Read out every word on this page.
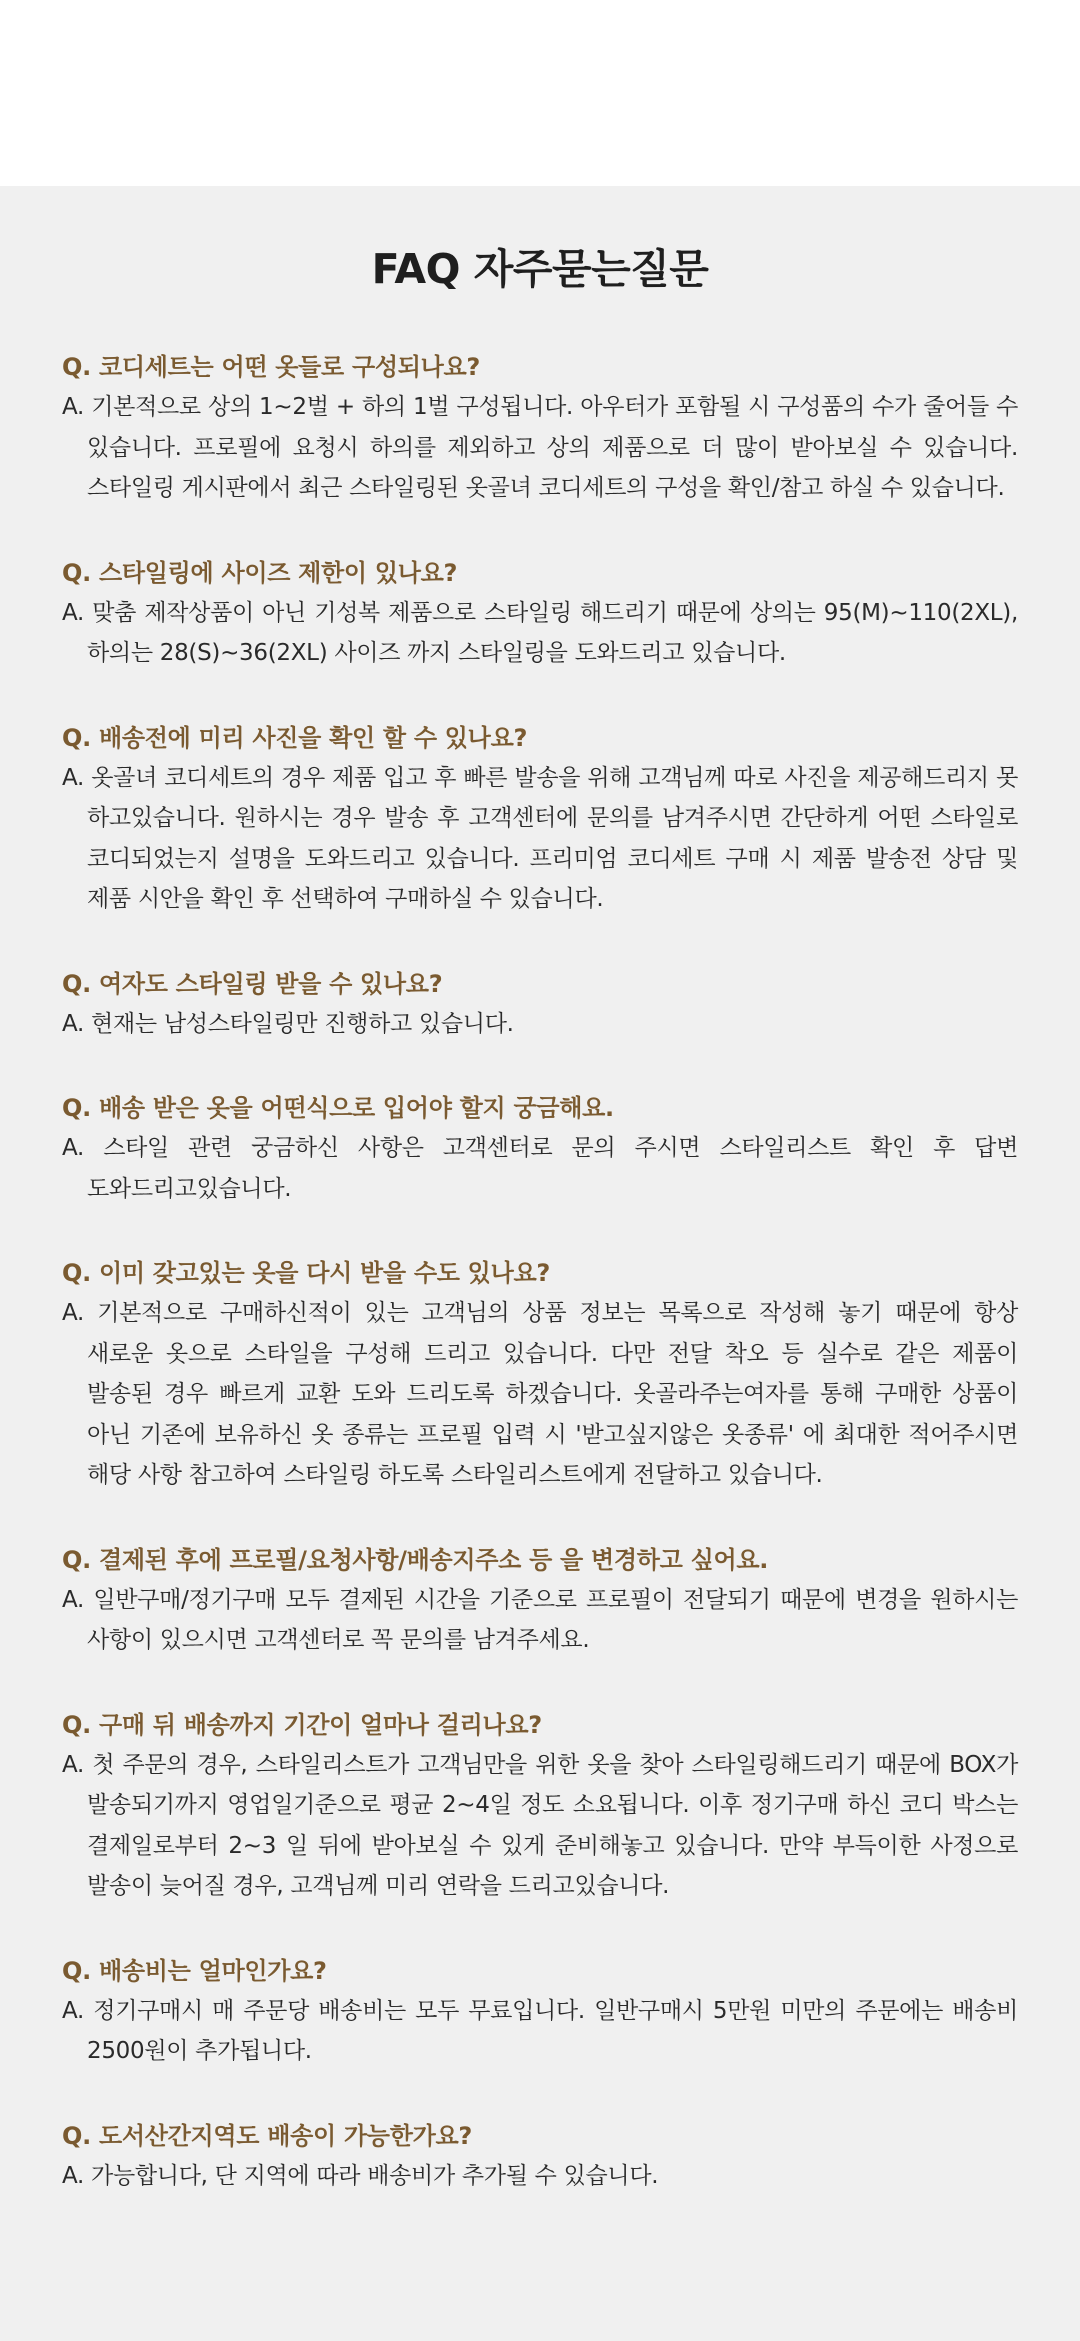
FAQ 자주묻는질문
Q. 코디세트는 어떤 옷들로 구성되나요?
A. 기본적으로 상의 1~2벌 + 하의 1벌 구성됩니다. 아우터가 포함될 시 구성품의 수가 줄어들 수 있습니다. 프로필에 요청시 하의를 제외하고 상의 제품으로 더 많이 받아보실 수 있습니다. 스타일링 게시판에서 최근 스타일링된 옷골녀 코디세트의 구성을 확인/참고 하실 수 있습니다.
Q. 스타일링에 사이즈 제한이 있나요?
A. 맞춤 제작상품이 아닌 기성복 제품으로 스타일링 해드리기 때문에 상의는 95(M)~110(2XL), 하의는 28(S)~36(2XL) 사이즈 까지 스타일링을 도와드리고 있습니다.
Q. 배송전에 미리 사진을 확인 할 수 있나요?
A. 옷골녀 코디세트의 경우 제품 입고 후 빠른 발송을 위해 고객님께 따로 사진을 제공해드리지 못 하고있습니다. 원하시는 경우 발송 후 고객센터에 문의를 남겨주시면 간단하게 어떤 스타일로 코디되었는지 설명을 도와드리고 있습니다. 프리미엄 코디세트 구매 시 제품 발송전 상담 및 제품 시안을 확인 후 선택하여 구매하실 수 있습니다.
Q. 여자도 스타일링 받을 수 있나요?
A. 현재는 남성스타일링만 진행하고 있습니다.
Q. 배송 받은 옷을 어떤식으로 입어야 할지 궁금해요.
A. 스타일 관련 궁금하신 사항은 고객센터로 문의 주시면 스타일리스트 확인 후 답변 도와드리고있습니다.
Q. 이미 갖고있는 옷을 다시 받을 수도 있나요?
A. 기본적으로 구매하신적이 있는 고객님의 상품 정보는 목록으로 작성해 놓기 때문에 항상 새로운 옷으로 스타일을 구성해 드리고 있습니다. 다만 전달 착오 등 실수로 같은 제품이 발송된 경우 빠르게 교환 도와 드리도록 하겠습니다. 옷골라주는여자를 통해 구매한 상품이 아닌 기존에 보유하신 옷 종류는 프로필 입력 시 '받고싶지않은 옷종류' 에 최대한 적어주시면 해당 사항 참고하여 스타일링 하도록 스타일리스트에게 전달하고 있습니다.
Q. 결제된 후에 프로필/요청사항/배송지주소 등 을 변경하고 싶어요.
A. 일반구매/정기구매 모두 결제된 시간을 기준으로 프로필이 전달되기 때문에 변경을 원하시는 사항이 있으시면 고객센터로 꼭 문의를 남겨주세요.
Q. 구매 뒤 배송까지 기간이 얼마나 걸리나요?
A. 첫 주문의 경우, 스타일리스트가 고객님만을 위한 옷을 찾아 스타일링해드리기 때문에 BOX가 발송되기까지 영업일기준으로 평균 2~4일 정도 소요됩니다. 이후 정기구매 하신 코디 박스는 결제일로부터 2~3 일 뒤에 받아보실 수 있게 준비해놓고 있습니다. 만약 부득이한 사정으로 발송이 늦어질 경우, 고객님께 미리 연락을 드리고있습니다.
Q. 배송비는 얼마인가요?
A. 정기구매시 매 주문당 배송비는 모두 무료입니다. 일반구매시 5만원 미만의 주문에는 배송비 2500원이 추가됩니다.
Q. 도서산간지역도 배송이 가능한가요?
A. 가능합니다, 단 지역에 따라 배송비가 추가될 수 있습니다.
